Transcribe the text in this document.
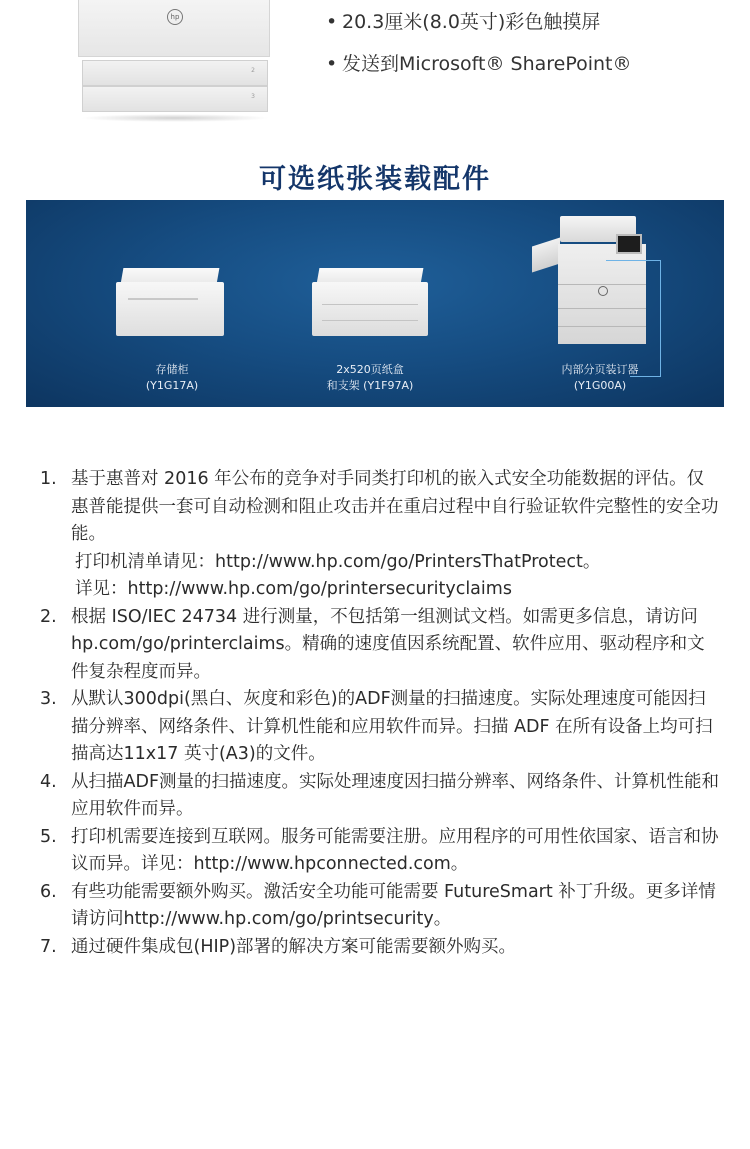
hp
2
3
• 20.3厘米(8.0英寸)彩色触摸屏
• 发送到Microsoft® SharePoint®
可选纸张装载配件
存储柜
(Y1G17A)
2x520页纸盒
和支架 (Y1F97A)
内部分页装订器
(Y1G00A)
1. 基于惠普对 2016 年公布的竞争对手同类打印机的嵌入式安全功能数据的评估。仅惠普能提供一套可自动检测和阻止攻击并在重启过程中自行验证软件完整性的安全功能。
打印机清单请见：http://www.hp.com/go/PrintersThatProtect。
详见：http://www.hp.com/go/printersecurityclaims
2. 根据 ISO/IEC 24734 进行测量，不包括第一组测试文档。如需更多信息，请访问 hp.com/go/printerclaims。精确的速度值因系统配置、软件应用、驱动程序和文件复杂程度而异。
3. 从默认300dpi(黑白、灰度和彩色)的ADF测量的扫描速度。实际处理速度可能因扫描分辨率、网络条件、计算机性能和应用软件而异。扫描 ADF 在所有设备上均可扫描高达11x17 英寸(A3)的文件。
4. 从扫描ADF测量的扫描速度。实际处理速度因扫描分辨率、网络条件、计算机性能和应用软件而异。
5. 打印机需要连接到互联网。服务可能需要注册。应用程序的可用性依国家、语言和协议而异。详见：http://www.hpconnected.com。
6. 有些功能需要额外购买。激活安全功能可能需要 FutureSmart 补丁升级。更多详情请访问http://www.hp.com/go/printsecurity。
7. 通过硬件集成包(HIP)部署的解决方案可能需要额外购买。
